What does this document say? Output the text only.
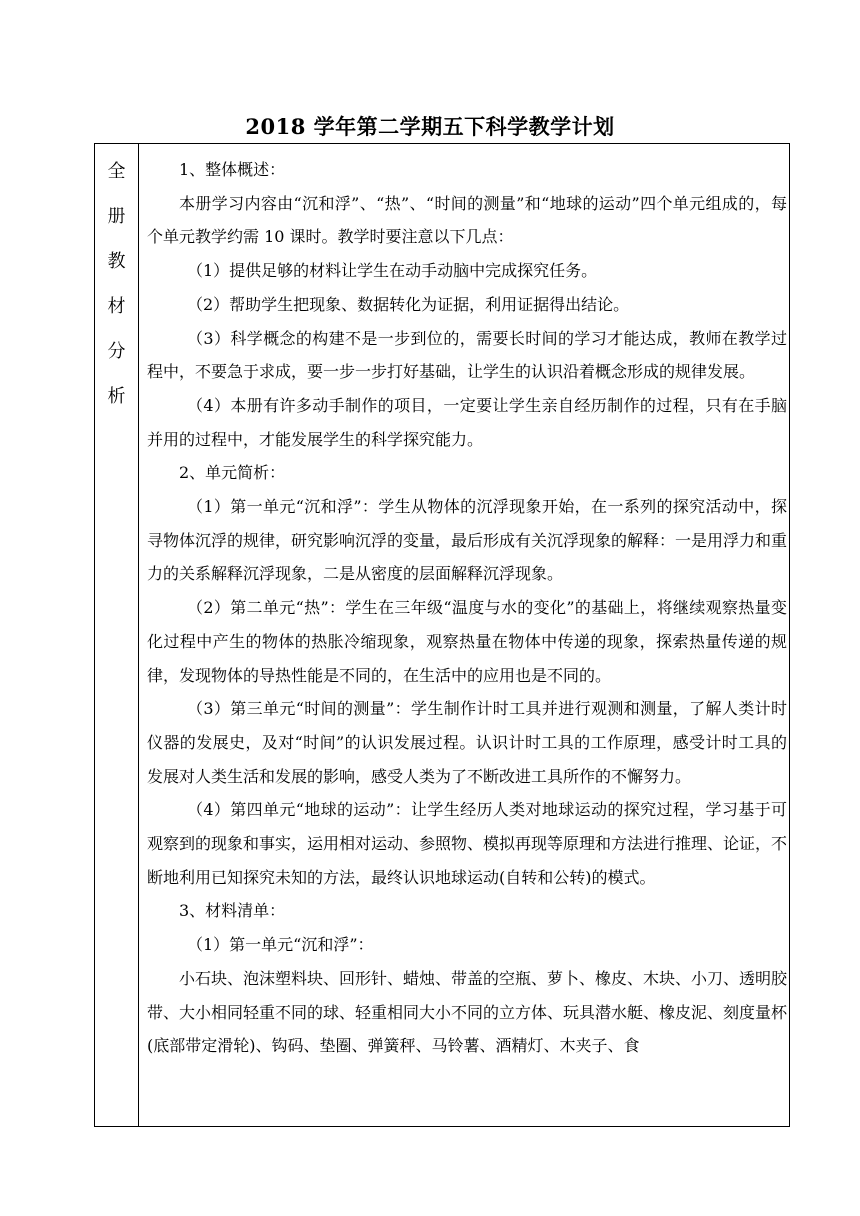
2018 学年第二学期五下科学教学计划
全
册
教
材
分
析

1、整体概述：

本册学习内容由“沉和浮”、“热”、“时间的测量”和“地球的运动”四个单元组成的，每个单元教学约需 10 课时。教学时要注意以下几点：

（1）提供足够的材料让学生在动手动脑中完成探究任务。

（2）帮助学生把现象、数据转化为证据，利用证据得出结论。

（3）科学概念的构建不是一步到位的，需要长时间的学习才能达成，教师在教学过程中，不要急于求成，要一步一步打好基础，让学生的认识沿着概念形成的规律发展。

（4）本册有许多动手制作的项目，一定要让学生亲自经历制作的过程，只有在手脑并用的过程中，才能发展学生的科学探究能力。

2、单元简析：

（1）第一单元“沉和浮”：学生从物体的沉浮现象开始，在一系列的探究活动中，探寻物体沉浮的规律，研究影响沉浮的变量，最后形成有关沉浮现象的解释：一是用浮力和重力的关系解释沉浮现象，二是从密度的层面解释沉浮现象。

（2）第二单元“热”：学生在三年级“温度与水的变化”的基础上，将继续观察热量变化过程中产生的物体的热胀冷缩现象，观察热量在物体中传递的现象，探索热量传递的规律，发现物体的导热性能是不同的，在生活中的应用也是不同的。

（3）第三单元“时间的测量”：学生制作计时工具并进行观测和测量，了解人类计时仪器的发展史，及对“时间”的认识发展过程。认识计时工具的工作原理，感受计时工具的发展对人类生活和发展的影响，感受人类为了不断改进工具所作的不懈努力。

（4）第四单元“地球的运动”：让学生经历人类对地球运动的探究过程，学习基于可观察到的现象和事实，运用相对运动、参照物、模拟再现等原理和方法进行推理、论证，不断地利用已知探究未知的方法，最终认识地球运动(自转和公转)的模式。

3、材料清单：

（1）第一单元“沉和浮”：

小石块、泡沫塑料块、回形针、蜡烛、带盖的空瓶、萝卜、橡皮、木块、小刀、透明胶带、大小相同轻重不同的球、轻重相同大小不同的立方体、玩具潜水艇、橡皮泥、刻度量杯(底部带定滑轮)、钩码、垫圈、弹簧秤、马铃薯、酒精灯、木夹子、食
